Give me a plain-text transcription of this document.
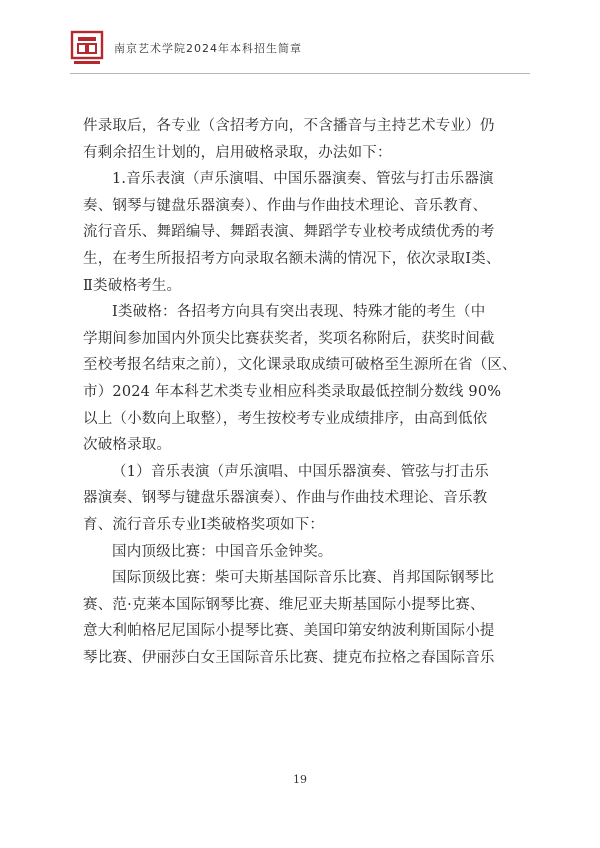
南京艺术学院2024年本科招生简章
件录取后，各专业（含招考方向，不含播音与主持艺术专业）仍
有剩余招生计划的，启用破格录取，办法如下：
1.音乐表演（声乐演唱、中国乐器演奏、管弦与打击乐器演
奏、钢琴与键盘乐器演奏）、作曲与作曲技术理论、音乐教育、
流行音乐、舞蹈编导、舞蹈表演、舞蹈学专业校考成绩优秀的考
生，在考生所报招考方向录取名额未满的情况下，依次录取Ⅰ类、
Ⅱ类破格考生。
Ⅰ类破格：各招考方向具有突出表现、特殊才能的考生（中
学期间参加国内外顶尖比赛获奖者，奖项名称附后，获奖时间截
至校考报名结束之前），文化课录取成绩可破格至生源所在省（区、
市）2024 年本科艺术类专业相应科类录取最低控制分数线 90%
以上（小数向上取整），考生按校考专业成绩排序，由高到低依
次破格录取。
（1）音乐表演（声乐演唱、中国乐器演奏、管弦与打击乐
器演奏、钢琴与键盘乐器演奏）、作曲与作曲技术理论、音乐教
育、流行音乐专业Ⅰ类破格奖项如下：
国内顶级比赛：中国音乐金钟奖。
国际顶级比赛：柴可夫斯基国际音乐比赛、肖邦国际钢琴比
赛、范·克莱本国际钢琴比赛、维尼亚夫斯基国际小提琴比赛、
意大利帕格尼尼国际小提琴比赛、美国印第安纳波利斯国际小提
琴比赛、伊丽莎白女王国际音乐比赛、捷克布拉格之春国际音乐
19
